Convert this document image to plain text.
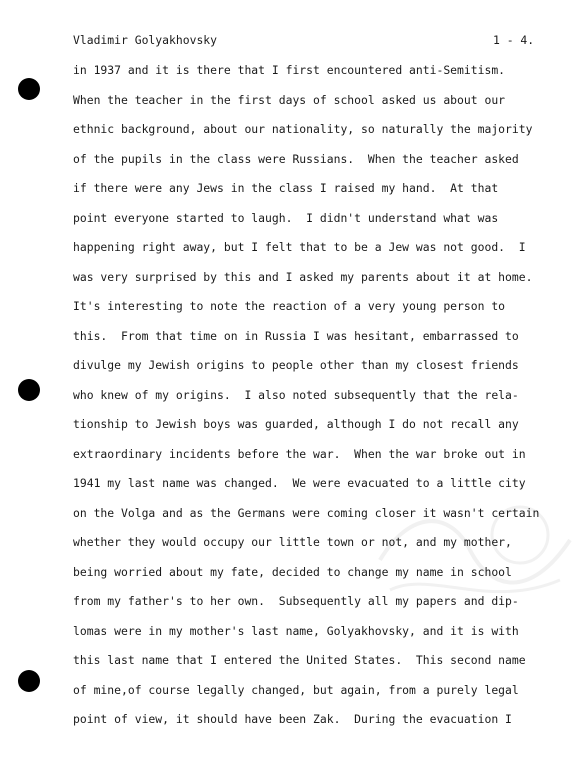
Vladimir Golyakhovsky	1 - 4.
in 1937 and it is there that I first encountered anti-Semitism.
When the teacher in the first days of school asked us about our
ethnic background, about our nationality, so naturally the majority
of the pupils in the class were Russians.  When the teacher asked
if there were any Jews in the class I raised my hand.  At that
point everyone started to laugh.  I didn't understand what was
happening right away, but I felt that to be a Jew was not good.  I
was very surprised by this and I asked my parents about it at home.
It's interesting to note the reaction of a very young person to
this.  From that time on in Russia I was hesitant, embarrassed to
divulge my Jewish origins to people other than my closest friends
who knew of my origins.  I also noted subsequently that the rela-
tionship to Jewish boys was guarded, although I do not recall any
extraordinary incidents before the war.  When the war broke out in
1941 my last name was changed.  We were evacuated to a little city
on the Volga and as the Germans were coming closer it wasn't certain
whether they would occupy our little town or not, and my mother,
being worried about my fate, decided to change my name in school
from my father's to her own.  Subsequently all my papers and dip-
lomas were in my mother's last name, Golyakhovsky, and it is with
this last name that I entered the United States.  This second name
of mine,of course legally changed, but again, from a purely legal
point of view, it should have been Zak.  During the evacuation I
